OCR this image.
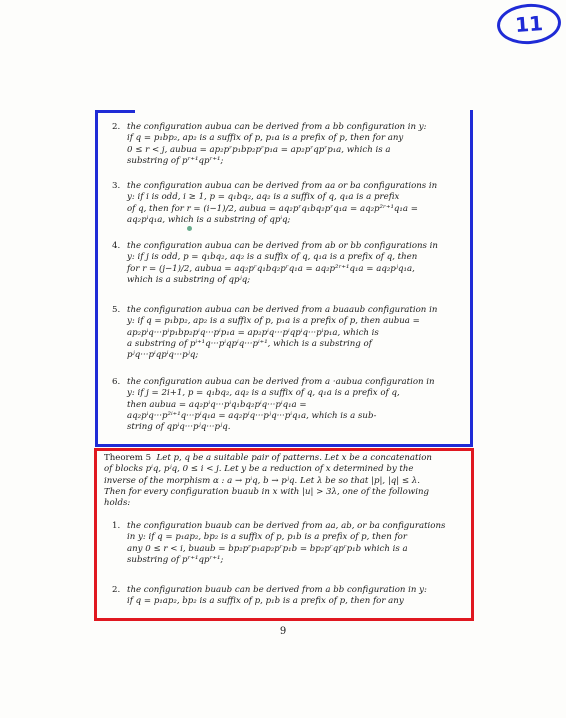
11
2. the configuration aubua can be derived from a bb configuration in y:
if q = p₁bp₂, ap₂ is a suffix of p, p₁a is a prefix of p, then for any
0 ≤ r < j, aubua = ap₂pʳp₁bp₂pʳp₁a = ap₂pʳqpʳp₁a, which is a
substring of pʳ⁺¹qpʳ⁺¹;
3. the configuration aubua can be derived from aa or ba configurations in
y: if i is odd, i ≥ 1, p = q₁bq₂, aq₂ is a suffix of q, q₁a is a prefix
of q, then for r = (i−1)/2, aubua = aq₂pʳq₁bq₂pʳq₁a = aq₂p²ʳ⁺¹q₁a =
aq₂pⁱq₁a, which is a substring of qpⁱq;
4. the configuration aubua can be derived from ab or bb configurations in
y: if j is odd, p = q₁bq₂, aq₂ is a suffix of q, q₁a is a prefix of q, then
for r = (j−1)/2, aubua = aq₂pʳq₁bq₂pʳq₁a = aq₂p²ʳ⁺¹q₁a = aq₂pʲq₁a,
which is a substring of qpʲq;
5. the configuration aubua can be derived from a buaaub configuration in
y: if q = p₁bp₂, ap₂ is a suffix of p, p₁a is a prefix of p, then aubua =
ap₂pⁱq···pⁱp₁bp₂pⁱq···pⁱp₁a = ap₂pⁱq···pⁱqpⁱq···pⁱp₁a, which is
a substring of pⁱ⁺¹q···pⁱqpⁱq···pⁱ⁺¹, which is a substring of
pʲq···pⁱqpⁱq···pʲq;
6. the configuration aubua can be derived from a ·aubua configuration in
y: if j = 2i+1, p = q₁bq₂, aq₂ is a suffix of q, q₁a is a prefix of q,
then aubua = aq₂pⁱq···pⁱq₁bq₂pⁱq···pⁱq₁a =
aq₂pⁱq···p²ⁱ⁺¹q···pⁱq₁a = aq₂pⁱq···pʲq···pⁱq₁a, which is a sub-
string of qpⁱq···pʲq···pʲq.
Theorem 5 Let p, q be a suitable pair of patterns. Let x be a concatenation
of blocks pⁱq, pʲq, 0 ≤ i < j. Let y be a reduction of x determined by the
inverse of the morphism α : a → pⁱq, b → pʲq. Let λ be so that |p|, |q| ≤ λ.
Then for every configuration buaub in x with |u| > 3λ, one of the following
holds:
1. the configuration buaub can be derived from aa, ab, or ba configurations
in y: if q = p₁ap₂, bp₂ is a suffix of p, p₁b is a prefix of p, then for
any 0 ≤ r < i, buaub = bp₂pʳp₁ap₂pʳp₁b = bp₂pʳqpʳp₁b which is a
substring of pʳ⁺¹qpʳ⁺¹;
2. the configuration buaub can be derived from a bb configuration in y:
if q = p₁ap₂, bp₂ is a suffix of p, p₁b is a prefix of p, then for any
9
